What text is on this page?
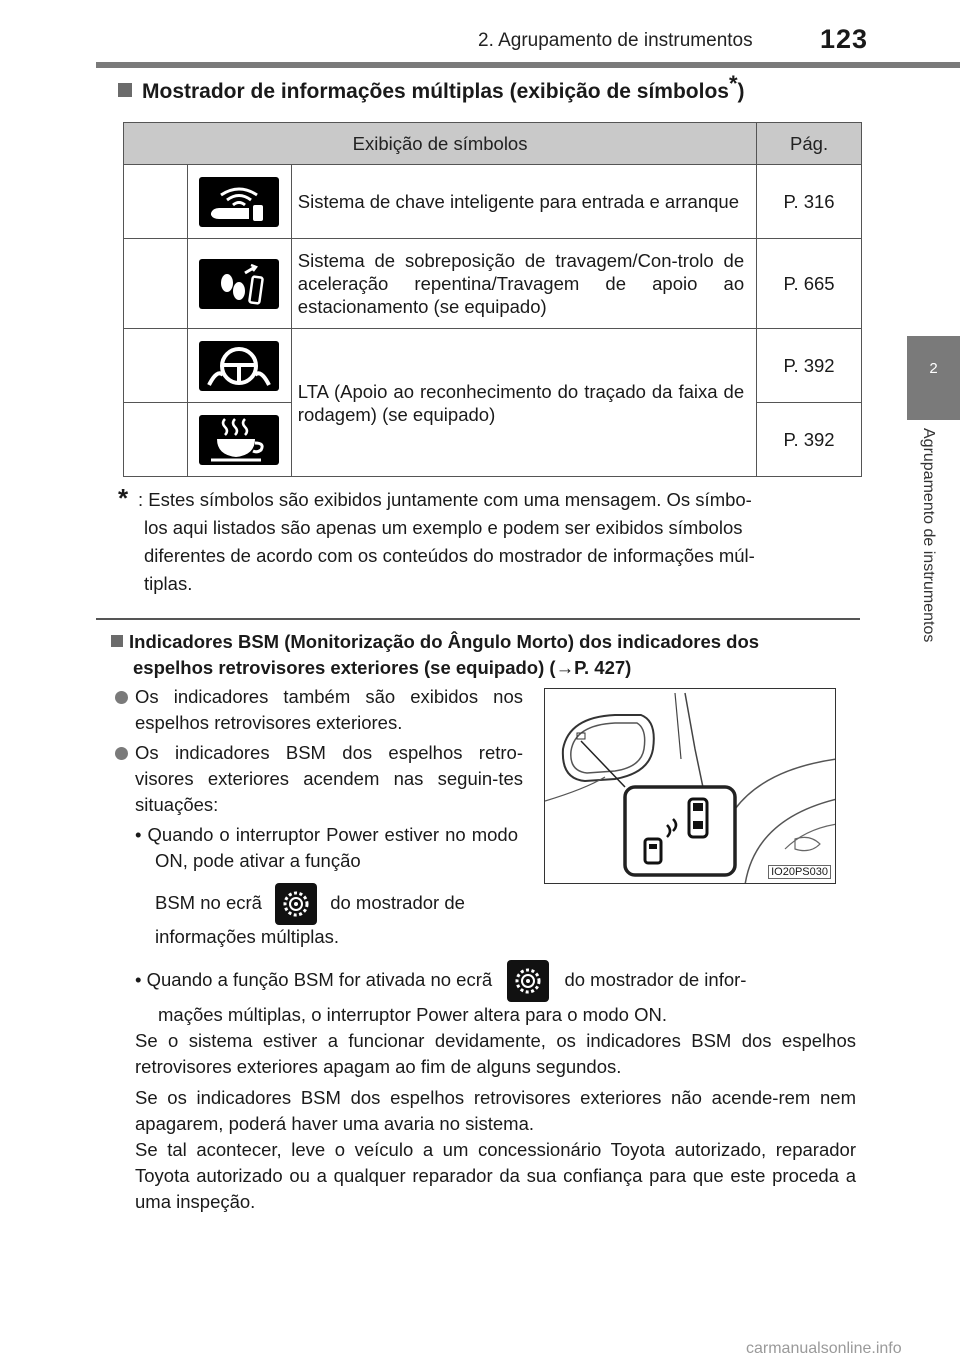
2. Agrupamento de instrumentos 123
2
Agrupamento de instrumentos
Mostrador de informações múltiplas (exibição de símbolos*)
Exibição de símbolos			Pág.

	Sistema de chave inteligente para entrada e arranque	P. 316

	Sistema de sobreposição de travagem/Con-trolo de aceleração repentina/Travagem de apoio ao estacionamento (se equipado)	P. 665

	LTA (Apoio ao reconhecimento do traçado da faixa de rodagem) (se equipado)	P. 392

	P. 392
* : Estes símbolos são exibidos juntamente com uma mensagem. Os símbo-
los aqui listados são apenas um exemplo e podem ser exibidos símbolos
diferentes de acordo com os conteúdos do mostrador de informações múl-
tiplas.
Indicadores BSM (Monitorização do Ângulo Morto) dos indicadores dos
espelhos retrovisores exteriores (se equipado) (→P. 427)
Os indicadores também são exibidos nos espelhos retrovisores exteriores.
Os indicadores BSM dos espelhos retro-visores exteriores acendem nas seguin-tes situações:
• Quando o interruptor Power estiver no modo ON, pode ativar a função
BSM no ecrã	do mostrador de
informações múltiplas.
• Quando a função BSM for ativada no ecrã	do mostrador de infor-
mações múltiplas, o interruptor Power altera para o modo ON.
Se o sistema estiver a funcionar devidamente, os indicadores BSM dos espelhos retrovisores exteriores apagam ao fim de alguns segundos.
Se os indicadores BSM dos espelhos retrovisores exteriores não acende-rem nem apagarem, poderá haver uma avaria no sistema.
Se tal acontecer, leve o veículo a um concessionário Toyota autorizado, reparador Toyota autorizado ou a qualquer reparador da sua confiança para que este proceda a uma inspeção.
IO20PS030
carmanualsonline.info
